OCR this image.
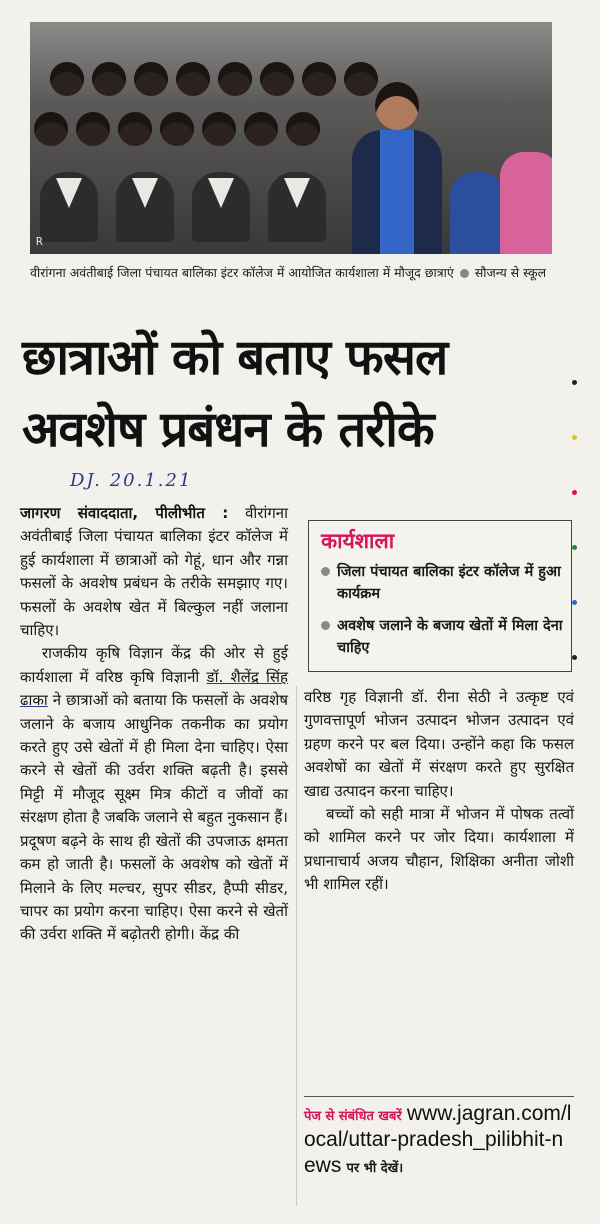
R
वीरांगना अवंतीबाई जिला पंचायत बालिका इंटर कॉलेज में आयोजित कार्यशाला में मौजूद छात्राएं सौजन्य से स्कूल
छात्राओं को बताए फसल
अवशेष प्रबंधन के तरीके
DJ. 20.1.21

जागरण संवाददाता, पीलीभीत : वीरांगना अवंतीबाई जिला पंचायत बालिका इंटर कॉलेज में हुई कार्यशाला में छात्राओं को गेहूं, धान और गन्ना फसलों के अवशेष प्रबंधन के तरीके समझाए गए। फसलों के अवशेष खेत में बिल्कुल नहीं जलाना चाहिए।

राजकीय कृषि विज्ञान केंद्र की ओर से हुई कार्यशाला में वरिष्ठ कृषि विज्ञानी डॉ. शैलेंद्र सिंह ढाका ने छात्राओं को बताया कि फसलों के अवशेष जलाने के बजाय आधुनिक तकनीक का प्रयोग करते हुए उसे खेतों में ही मिला देना चाहिए। ऐसा करने से खेतों की उर्वरा शक्ति बढ़ती है। इससे मिट्टी में मौजूद सूक्ष्म मित्र कीटों व जीवों का संरक्षण होता है जबकि जलाने से बहुत नुकसान हैं। प्रदूषण बढ़ने के साथ ही खेतों की उपजाऊ क्षमता कम हो जाती है। फसलों के अवशेष को खेतों में मिलाने के लिए मल्चर, सुपर सीडर, हैप्पी सीडर, चापर का प्रयोग करना चाहिए। ऐसा करने से खेतों की उर्वरा शक्ति में बढ़ोतरी होगी। केंद्र की

कार्यशाला
जिला पंचायत बालिका इंटर कॉलेज में हुआ कार्यक्रम
अवशेष जलाने के बजाय खेतों में मिला देना चाहिए

वरिष्ठ गृह विज्ञानी डॉ. रीना सेठी ने उत्कृष्ट एवं गुणवत्तापूर्ण भोजन उत्पादन भोजन उत्पादन एवं ग्रहण करने पर बल दिया। उन्होंने कहा कि फसल अवशेषों का खेतों में संरक्षण करते हुए सुरक्षित खाद्य उत्पादन करना चाहिए।

बच्चों को सही मात्रा में भोजन में पोषक तत्वों को शामिल करने पर जोर दिया। कार्यशाला में प्रधानाचार्य अजय चौहान, शिक्षिका अनीता जोशी भी शामिल रहीं।

पेज से संबंधित खबरें www.jagran.com/local/uttar-pradesh_pilibhit-news पर भी देखें।
